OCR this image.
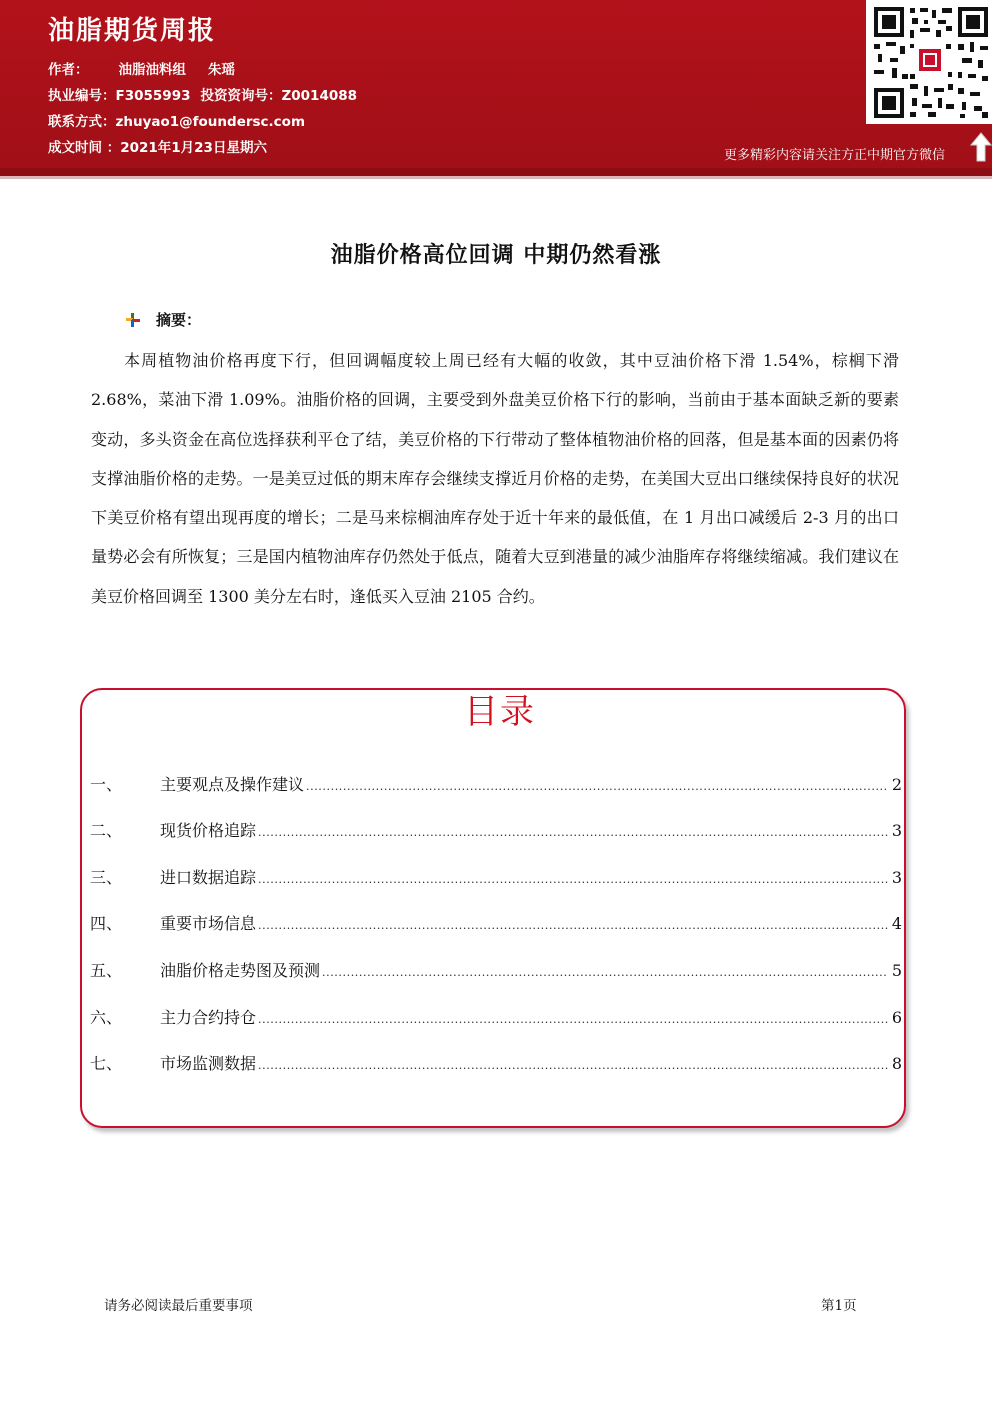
油脂期货周报
作者： 油脂油料组 朱瑶
执业编号：F3055993 投资资询号：Z0014088
联系方式：zhuyao1@foundersc.com
成文时间 ：2021年1月23日星期六	更多精彩内容请关注方正中期官方微信
油脂价格高位回调 中期仍然看涨
摘要：
本周植物油价格再度下行，但回调幅度较上周已经有大幅的收敛，其中豆油价格下滑 1.54%，棕榈下滑 2.68%，菜油下滑 1.09%。油脂价格的回调，主要受到外盘美豆价格下行的影响，当前由于基本面缺乏新的要素变动，多头资金在高位选择获利平仓了结，美豆价格的下行带动了整体植物油价格的回落，但是基本面的因素仍将支撑油脂价格的走势。一是美豆过低的期末库存会继续支撑近月价格的走势，在美国大豆出口继续保持良好的状况下美豆价格有望出现再度的增长；二是马来棕榈油库存处于近十年来的最低值，在 1 月出口减缓后 2-3 月的出口量势必会有所恢复；三是国内植物油库存仍然处于低点，随着大豆到港量的减少油脂库存将继续缩减。我们建议在美豆价格回调至 1300 美分左右时，逢低买入豆油 2105 合约。
目录
一、	主要观点及操作建议 .....	2
二、	现货价格追踪 .....	3
三、	进口数据追踪 .....	3
四、	重要市场信息 .....	4
五、	油脂价格走势图及预测 .....	5
六、	主力合约持仓 .....	6
七、	市场监测数据 .....	8
请务必阅读最后重要事项	第1页
